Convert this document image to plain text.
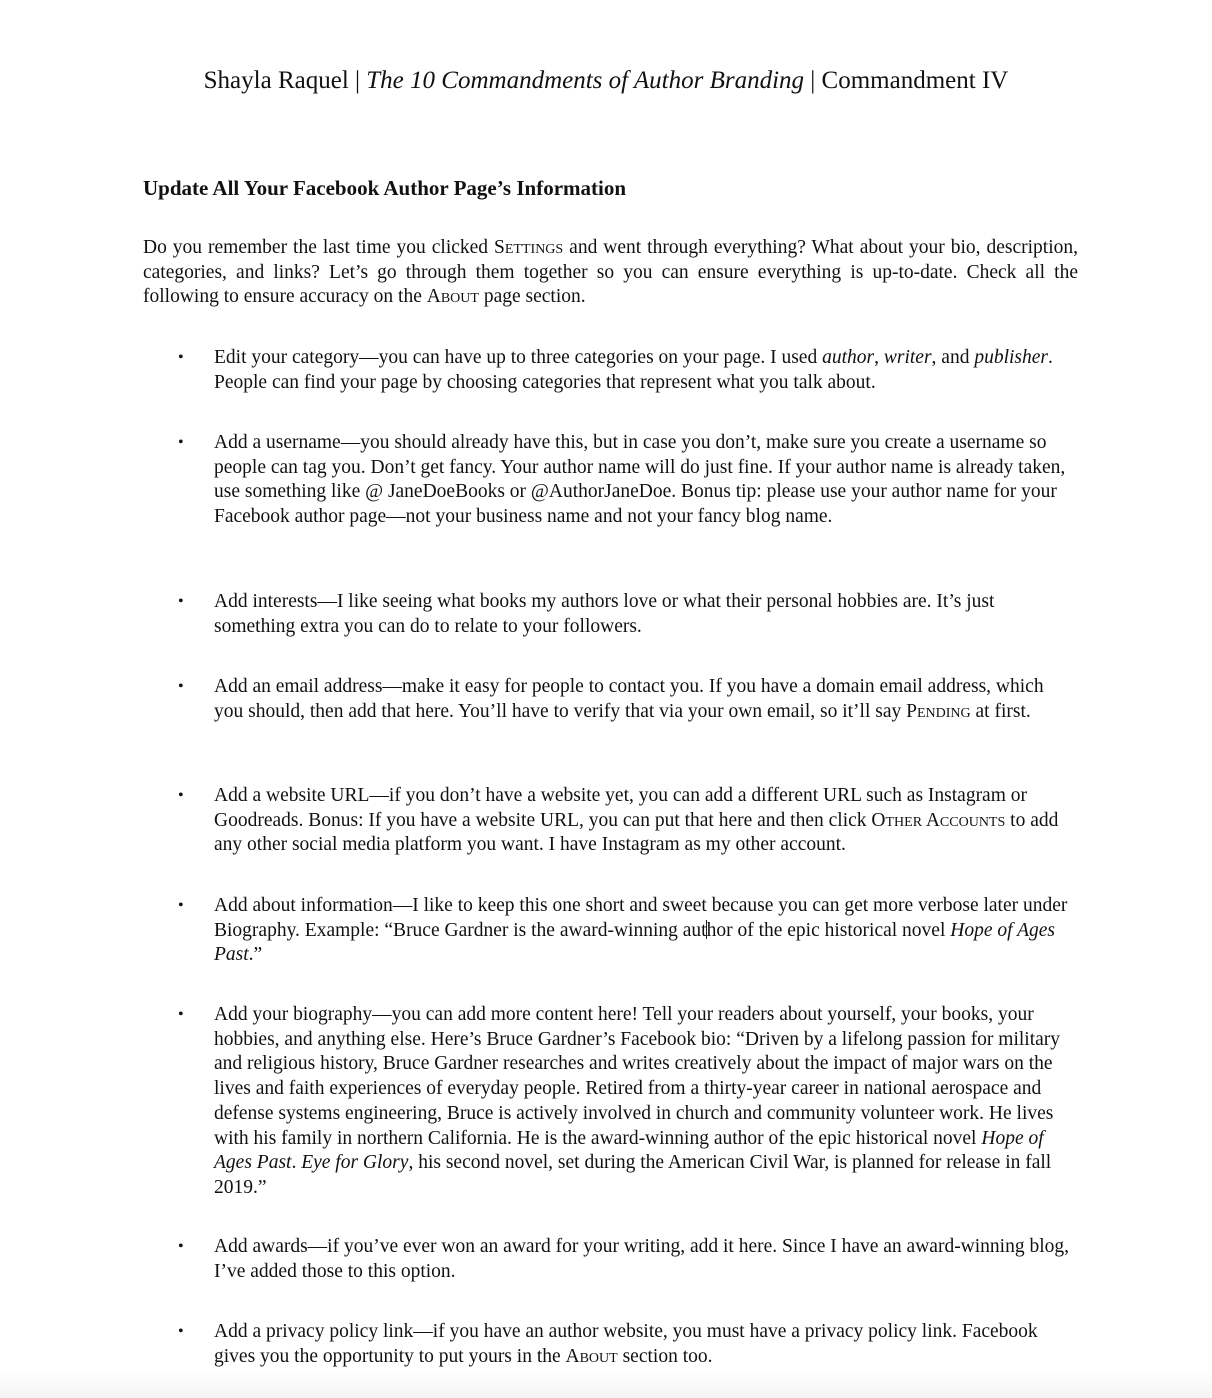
Shayla Raquel | The 10 Commandments of Author Branding | Commandment IV
Update All Your Facebook Author Page’s Information

Do you remember the last time you clicked Settings and went through everything? What about your bio, description, categories, and links? Let’s go through them together so you can ensure everything is up-to-date. Check all the following to ensure accuracy on the About page section.

• Edit your category—you can have up to three categories on your page. I used author, writer, and publisher. People can find your page by choosing categories that represent what you talk about.
• Add a username—you should already have this, but in case you don’t, make sure you create a username so people can tag you. Don’t get fancy. Your author name will do just fine. If your author name is already taken, use something like @ JaneDoeBooks or @AuthorJaneDoe. Bonus tip: please use your author name for your Facebook author page—not your business name and not your fancy blog name.
• Add interests—I like seeing what books my authors love or what their personal hobbies are. It’s just something extra you can do to relate to your followers.
• Add an email address—make it easy for people to contact you. If you have a domain email address, which you should, then add that here. You’ll have to verify that via your own email, so it’ll say Pending at first.
• Add a website URL—if you don’t have a website yet, you can add a different URL such as Instagram or Goodreads. Bonus: If you have a website URL, you can put that here and then click Other Accounts to add any other social media platform you want. I have Instagram as my other account.
• Add about information—I like to keep this one short and sweet because you can get more verbose later under Biography. Example: “Bruce Gardner is the award-winning author of the epic historical novel Hope of Ages Past.”
• Add your biography—you can add more content here! Tell your readers about yourself, your books, your hobbies, and anything else. Here’s Bruce Gardner’s Facebook bio: “Driven by a lifelong passion for military and religious history, Bruce Gardner researches and writes creatively about the impact of major wars on the lives and faith experiences of everyday people. Retired from a thirty-year career in national aerospace and defense systems engineering, Bruce is actively involved in church and community volunteer work. He lives with his family in northern California. He is the award-winning author of the epic historical novel Hope of Ages Past. Eye for Glory, his second novel, set during the American Civil War, is planned for release in fall 2019.”
• Add awards—if you’ve ever won an award for your writing, add it here. Since I have an award-winning blog, I’ve added those to this option.
• Add a privacy policy link—if you have an author website, you must have a privacy policy link. Facebook gives you the opportunity to put yours in the About section too.
